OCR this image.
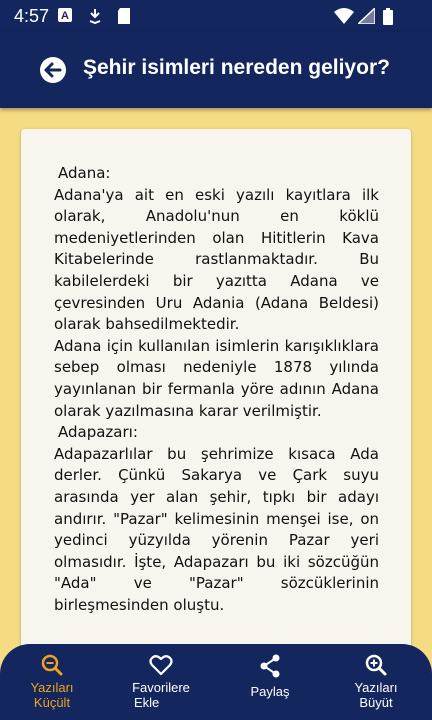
4:57 A
Şehir isimleri nereden geliyor?

Adana:

Adana'ya ait en eski yazılı kayıtlara ilk olarak, Anadolu'nun en köklü medeniyetlerinden olan Hititlerin Kava Kitabelerinde rastlanmaktadır. Bu kabilelerdeki bir yazıtta Adana ve çevresinden Uru Adania (Adana Beldesi) olarak bahsedilmektedir.

Adana için kullanılan isimlerin karışıklıklara sebep olması nedeniyle 1878 yılında yayınlanan bir fermanla yöre adının Adana olarak yazılmasına karar verilmiştir.

Adapazarı:

Adapazarlılar bu şehrimize kısaca Ada derler. Çünkü Sakarya ve Çark suyu arasında yer alan şehir, tıpkı bir adayı andırır. "Pazar" kelimesinin menşei ise, on yedinci yüzyılda yörenin Pazar yeri olmasıdır. İşte, Adapazarı bu iki sözcüğün "Ada" ve "Pazar" sözcüklerinin birleşmesinden oluştu.

Yazıları
Küçült
Favorilere
Ekle
Paylaş	Yazıları
Büyüt
